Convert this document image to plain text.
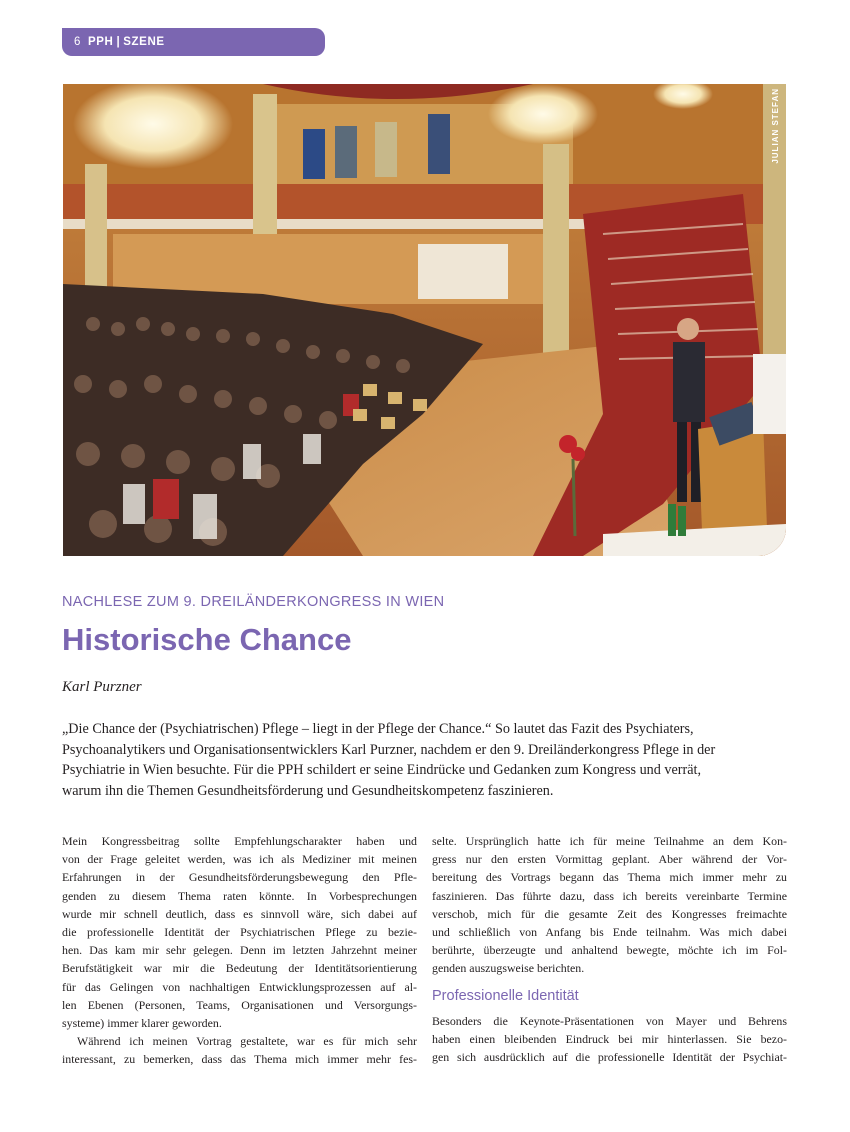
6 PPH | SZENE
JULIAN STEFAN
NACHLESE ZUM 9. DREILÄNDERKONGRESS IN WIEN
Historische Chance
Karl Purzner
„Die Chance der (Psychiatrischen) Pflege – liegt in der Pflege der Chance.“ So lautet das Fazit des Psychiaters,
Psychoanalytikers und Organisationsentwicklers Karl Purzner, nachdem er den 9. Dreiländerkongress Pflege in der
Psychiatrie in Wien besuchte. Für die PPH schildert er seine Eindrücke und Gedanken zum Kongress und verrät,
warum ihn die Themen Gesundheitsförderung und Gesundheitskompetenz faszinieren.
Mein Kongressbeitrag sollte Empfehlungscharakter haben und
von der Frage geleitet werden, was ich als Mediziner mit meinen
Erfahrungen in der Gesundheitsförderungsbewegung den Pfle-
genden zu diesem Thema raten könnte. In Vorbesprechungen
wurde mir schnell deutlich, dass es sinnvoll wäre, sich dabei auf
die professionelle Identität der Psychiatrischen Pflege zu bezie-
hen. Das kam mir sehr gelegen. Denn im letzten Jahrzehnt meiner
Berufstätigkeit war mir die Bedeutung der Identitätsorientierung
für das Gelingen von nachhaltigen Entwicklungsprozessen auf al-
len Ebenen (Personen, Teams, Organisationen und Versorgungs-
systeme) immer klarer geworden.
Während ich meinen Vortrag gestaltete, war es für mich sehr
interessant, zu bemerken, dass das Thema mich immer mehr fes-
selte. Ursprünglich hatte ich für meine Teilnahme an dem Kon-
gress nur den ersten Vormittag geplant. Aber während der Vor-
bereitung des Vortrags begann das Thema mich immer mehr zu
faszinieren. Das führte dazu, dass ich bereits vereinbarte Termine
verschob, mich für die gesamte Zeit des Kongresses freimachte
und schließlich von Anfang bis Ende teilnahm. Was mich dabei
berührte, überzeugte und anhaltend bewegte, möchte ich im Fol-
genden auszugsweise berichten.
Professionelle Identität
Besonders die Keynote-Präsentationen von Mayer und Behrens
haben einen bleibenden Eindruck bei mir hinterlassen. Sie bezo-
gen sich ausdrücklich auf die professionelle Identität der Psychiat-
